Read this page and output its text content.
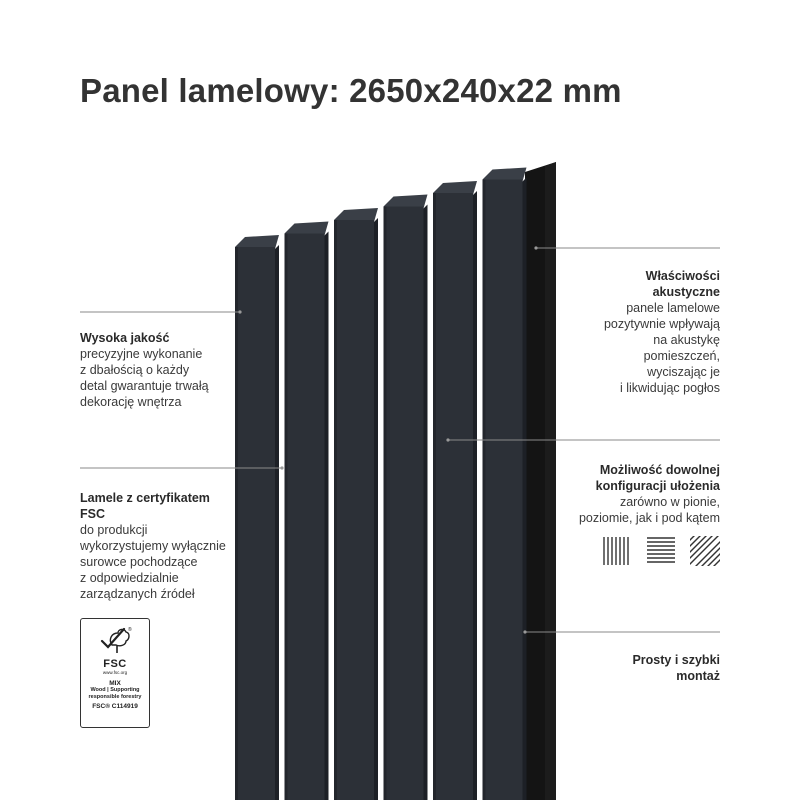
Panel lamelowy: 2650x240x22 mm
Wysoka jakość
precyzyjne wykonanie
z dbałością o każdy
detal gwarantuje trwałą
dekorację wnętrza
Lamele z certyfikatem
FSC
do produkcji
wykorzystujemy wyłącznie
surowce pochodzące
z odpowiedzialnie
zarządzanych źródeł
®
FSC
www.fsc.org
MIX
Wood | Supporting
responsible forestry
FSC® C114919
Właściwości
akustyczne
panele lamelowe
pozytywnie wpływają
na akustykę
pomieszczeń,
wyciszając je
i likwidując pogłos
Możliwość dowolnej
konfiguracji ułożenia
zarówno w pionie,
poziomie, jak i pod kątem
Prosty i szybki
montaż
